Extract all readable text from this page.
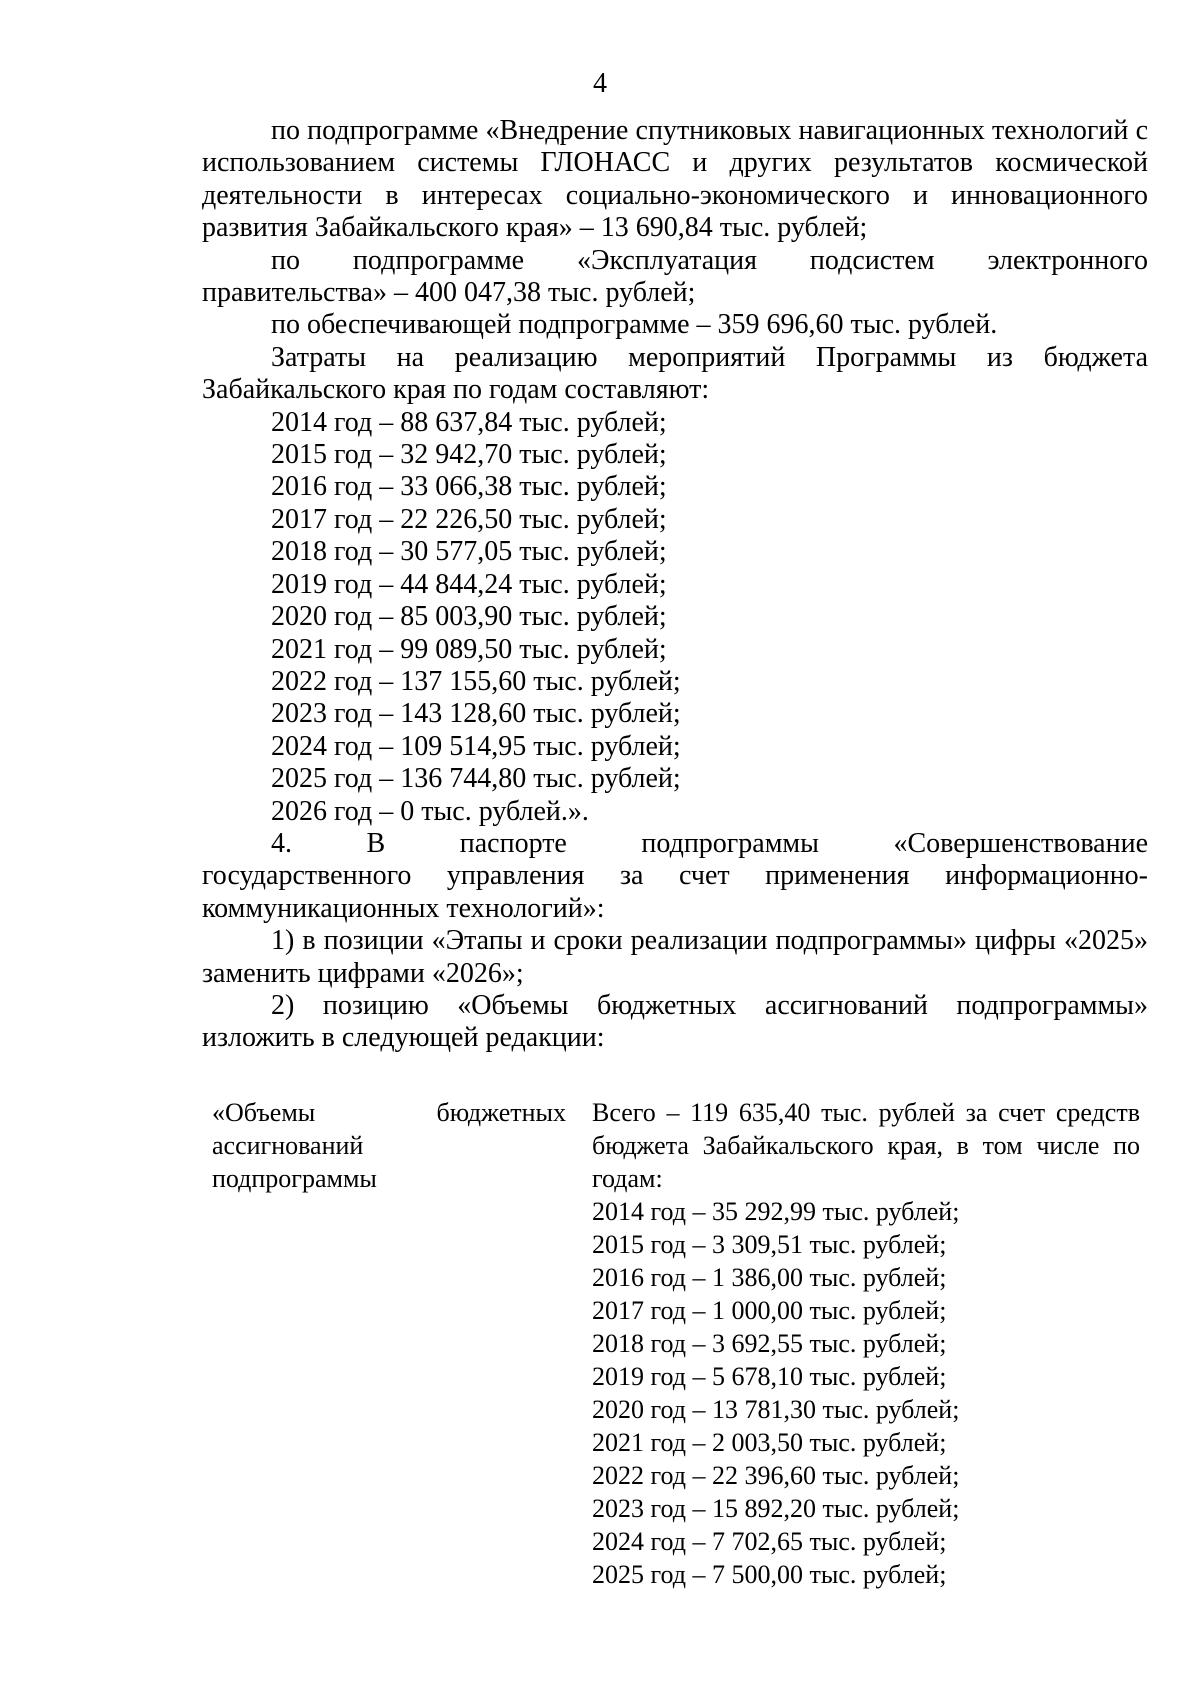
4

по подпрограмме «Внедрение спутниковых навигационных технологий с использованием системы ГЛОНАСС и других результатов космической деятельности в интересах социально-экономического и инновационного развития Забайкальского края» – 13 690,84 тыс. рублей;

по подпрограмме «Эксплуатация подсистем электронного

правительства» – 400 047,38 тыс. рублей;

по обеспечивающей подпрограмме – 359 696,60 тыс. рублей.

Затраты на реализацию мероприятий Программы из бюджета Забайкальского края по годам составляют:

2014 год – 88 637,84 тыс. рублей;
2015 год – 32 942,70 тыс. рублей;
2016 год – 33 066,38 тыс. рублей;
2017 год – 22 226,50 тыс. рублей;
2018 год – 30 577,05 тыс. рублей;
2019 год – 44 844,24 тыс. рублей;
2020 год – 85 003,90 тыс. рублей;
2021 год – 99 089,50 тыс. рублей;
2022 год – 137 155,60 тыс. рублей;
2023 год – 143 128,60 тыс. рублей;
2024 год – 109 514,95 тыс. рублей;
2025 год – 136 744,80 тыс. рублей;
2026 год – 0 тыс. рублей.».

4. В паспорте подпрограммы «Совершенствование

государственного управления за счет применения информационно-

коммуникационных технологий»:

1) в позиции «Этапы и сроки реализации подпрограммы» цифры «2025» заменить цифрами «2026»;

2) позицию «Объемы бюджетных ассигнований подпрограммы» изложить в следующей редакции:

«Объемы бюджетных
ассигнований
подпрограммы
Всего – 119 635,40 тыс. рублей за счет средств бюджета Забайкальского края, в том числе по годам:
2014 год – 35 292,99 тыс. рублей;
2015 год – 3 309,51 тыс. рублей;
2016 год – 1 386,00 тыс. рублей;
2017 год – 1 000,00 тыс. рублей;
2018 год – 3 692,55 тыс. рублей;
2019 год – 5 678,10 тыс. рублей;
2020 год – 13 781,30 тыс. рублей;
2021 год – 2 003,50 тыс. рублей;
2022 год – 22 396,60 тыс. рублей;
2023 год – 15 892,20 тыс. рублей;
2024 год – 7 702,65 тыс. рублей;
2025 год – 7 500,00 тыс. рублей;
